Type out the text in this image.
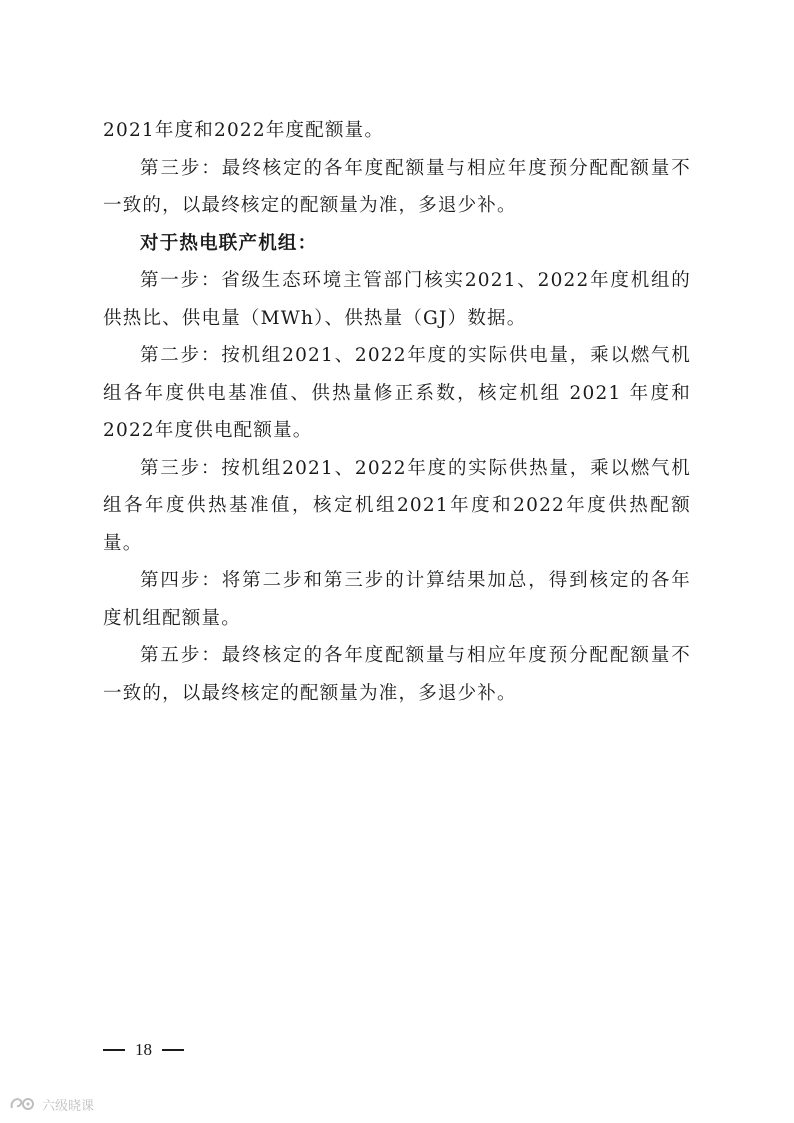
2021年度和2022年度配额量。

第三步：最终核定的各年度配额量与相应年度预分配配额量不一致的，以最终核定的配额量为准，多退少补。

对于热电联产机组：

第一步：省级生态环境主管部门核实2021、2022年度机组的供热比、供电量（MWh）、供热量（GJ）数据。

第二步：按机组2021、2022年度的实际供电量，乘以燃气机组各年度供电基准值、供热量修正系数，核定机组 2021 年度和 2022年度供电配额量。

第三步：按机组2021、2022年度的实际供热量，乘以燃气机组各年度供热基准值，核定机组2021年度和2022年度供热配额量。

第四步：将第二步和第三步的计算结果加总，得到核定的各年度机组配额量。

第五步：最终核定的各年度配额量与相应年度预分配配额量不一致的，以最终核定的配额量为准，多退少补。

18
六级晓课
